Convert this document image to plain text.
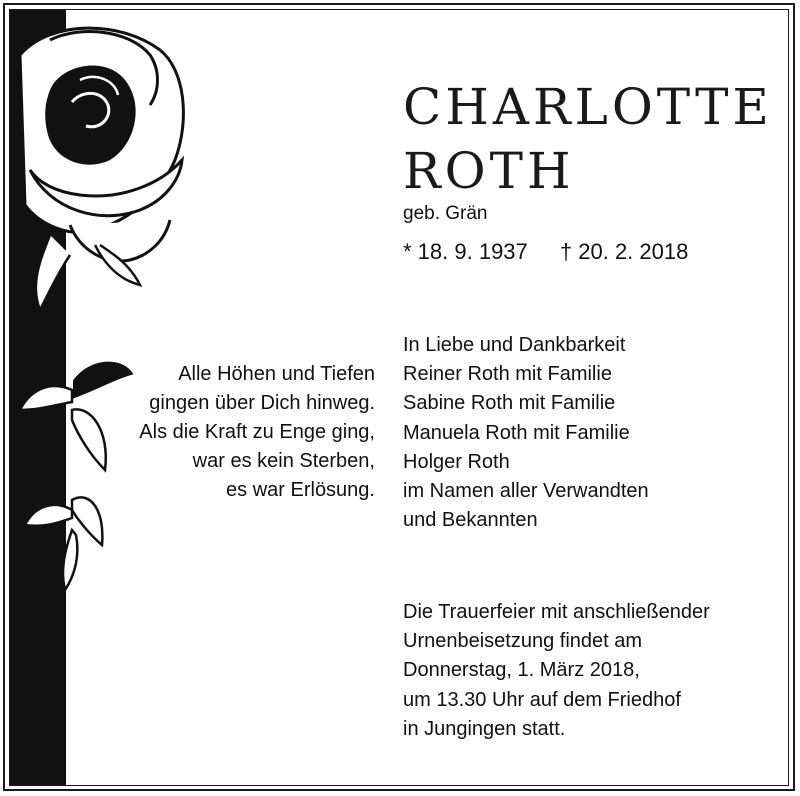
CHARLOTTE
ROTH
geb. Grän
* 18. 9. 1937 † 20. 2. 2018
Alle Höhen und Tiefen
gingen über Dich hinweg.
Als die Kraft zu Enge ging,
war es kein Sterben,
es war Erlösung.
In Liebe und Dankbarkeit
Reiner Roth mit Familie
Sabine Roth mit Familie
Manuela Roth mit Familie
Holger Roth
im Namen aller Verwandten
und Bekannten
Die Trauerfeier mit anschließender
Urnenbeisetzung findet am
Donnerstag, 1. März 2018,
um 13.30 Uhr auf dem Friedhof
in Jungingen statt.
